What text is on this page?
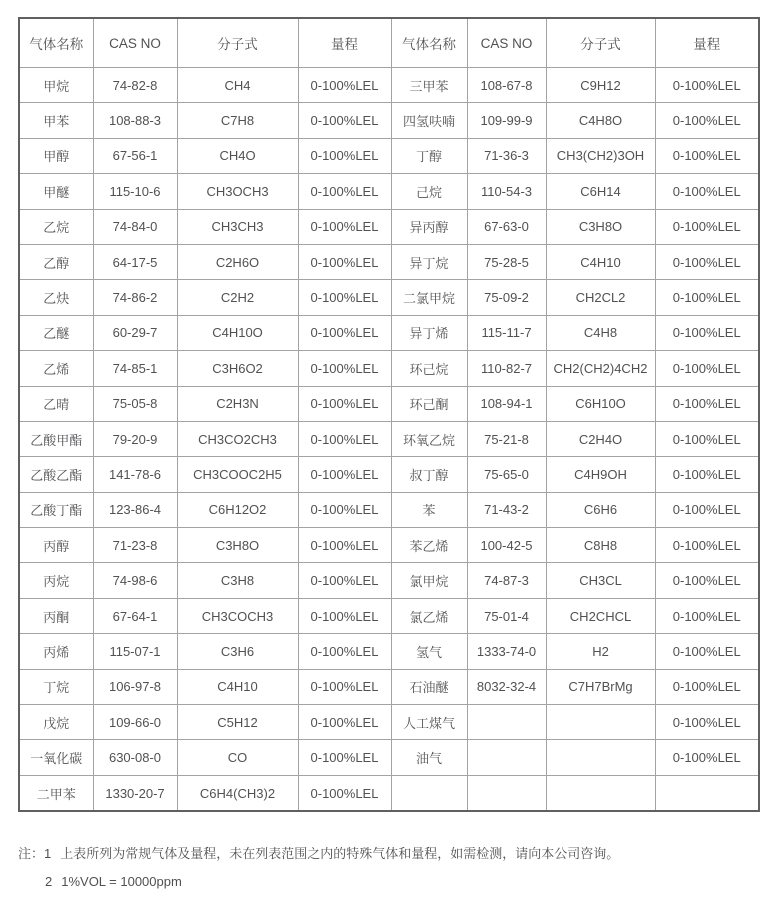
气体名称	CAS NO	分子式	量程	气体名称	CAS NO	分子式	量程
甲烷	74-82-8	CH4	0-100%LEL	三甲苯	108-67-8	C9H12	0-100%LEL
甲苯	108-88-3	C7H8	0-100%LEL	四氢呋喃	109-99-9	C4H8O	0-100%LEL
甲醇	67-56-1	CH4O	0-100%LEL	丁醇	71-36-3	CH3(CH2)3OH	0-100%LEL
甲醚	115-10-6	CH3OCH3	0-100%LEL	己烷	110-54-3	C6H14	0-100%LEL
乙烷	74-84-0	CH3CH3	0-100%LEL	异丙醇	67-63-0	C3H8O	0-100%LEL
乙醇	64-17-5	C2H6O	0-100%LEL	异丁烷	75-28-5	C4H10	0-100%LEL
乙炔	74-86-2	C2H2	0-100%LEL	二氯甲烷	75-09-2	CH2CL2	0-100%LEL
乙醚	60-29-7	C4H10O	0-100%LEL	异丁烯	115-11-7	C4H8	0-100%LEL
乙烯	74-85-1	C3H6O2	0-100%LEL	环己烷	110-82-7	CH2(CH2)4CH2	0-100%LEL
乙晴	75-05-8	C2H3N	0-100%LEL	环己酮	108-94-1	C6H10O	0-100%LEL
乙酸甲酯	79-20-9	CH3CO2CH3	0-100%LEL	环氧乙烷	75-21-8	C2H4O	0-100%LEL
乙酸乙酯	141-78-6	CH3COOC2H5	0-100%LEL	叔丁醇	75-65-0	C4H9OH	0-100%LEL
乙酸丁酯	123-86-4	C6H12O2	0-100%LEL	苯	71-43-2	C6H6	0-100%LEL
丙醇	71-23-8	C3H8O	0-100%LEL	苯乙烯	100-42-5	C8H8	0-100%LEL
丙烷	74-98-6	C3H8	0-100%LEL	氯甲烷	74-87-3	CH3CL	0-100%LEL
丙酮	67-64-1	CH3COCH3	0-100%LEL	氯乙烯	75-01-4	CH2CHCL	0-100%LEL
丙烯	115-07-1	C3H6	0-100%LEL	氢气	1333-74-0	H2	0-100%LEL
丁烷	106-97-8	C4H10	0-100%LEL	石油醚	8032-32-4	C7H7BrMg	0-100%LEL
戊烷	109-66-0	C5H12	0-100%LEL	人工煤气			0-100%LEL
一氧化碳	630-08-0	CO	0-100%LEL	油气			0-100%LEL
二甲苯	1330-20-7	C6H4(CH3)2	0-100%LEL				
注： 1 上表所列为常规气体及量程，未在列表范围之内的特殊气体和量程，如需检测，请向本公司咨询。
2 1%VOL = 10000ppm
